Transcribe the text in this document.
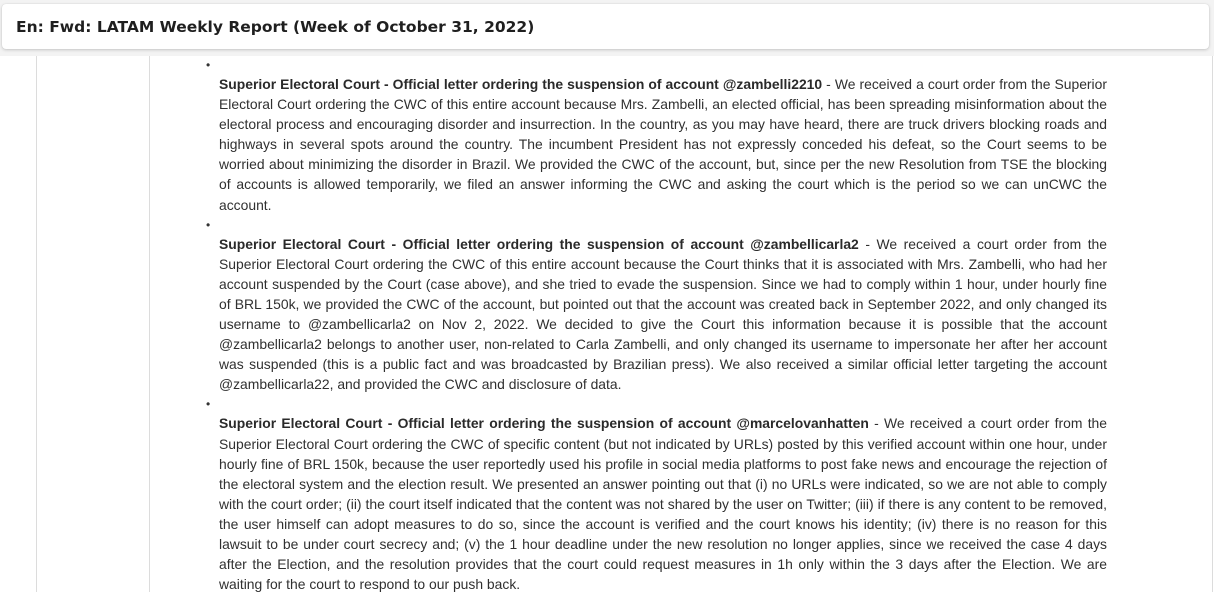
En: Fwd: LATAM Weekly Report (Week of October 31, 2022)
•

Superior Electoral Court - Official letter ordering the suspension of account @zambelli2210 - We received a court order from the Superior Electoral Court ordering the CWC of this entire account because Mrs. Zambelli, an elected official, has been spreading misinformation about the electoral process and encouraging disorder and insurrection. In the country, as you may have heard, there are truck drivers blocking roads and highways in several spots around the country. The incumbent President has not expressly conceded his defeat, so the Court seems to be worried about minimizing the disorder in Brazil. We provided the CWC of the account, but, since per the new Resolution from TSE the blocking of accounts is allowed temporarily, we filed an answer informing the CWC and asking the court which is the period so we can unCWC the account.

•

Superior Electoral Court - Official letter ordering the suspension of account @zambellicarla2 - We received a court order from the Superior Electoral Court ordering the CWC of this entire account because the Court thinks that it is associated with Mrs. Zambelli, who had her account suspended by the Court (case above), and she tried to evade the suspension. Since we had to comply within 1 hour, under hourly fine of BRL 150k, we provided the CWC of the account, but pointed out that the account was created back in September 2022, and only changed its username to @zambellicarla2 on Nov 2, 2022. We decided to give the Court this information because it is possible that the account @zambellicarla2 belongs to another user, non-related to Carla Zambelli, and only changed its username to impersonate her after her account was suspended (this is a public fact and was broadcasted by Brazilian press). We also received a similar official letter targeting the account @zambellicarla22, and provided the CWC and disclosure of data.

•

Superior Electoral Court - Official letter ordering the suspension of account @marcelovanhatten - We received a court order from the Superior Electoral Court ordering the CWC of specific content (but not indicated by URLs) posted by this verified account within one hour, under hourly fine of BRL 150k, because the user reportedly used his profile in social media platforms to post fake news and encourage the rejection of the electoral system and the election result. We presented an answer pointing out that (i) no URLs were indicated, so we are not able to comply with the court order; (ii) the court itself indicated that the content was not shared by the user on Twitter; (iii) if there is any content to be removed, the user himself can adopt measures to do so, since the account is verified and the court knows his identity; (iv) there is no reason for this lawsuit to be under court secrecy and; (v) the 1 hour deadline under the new resolution no longer applies, since we received the case 4 days after the Election, and the resolution provides that the court could request measures in 1h only within the 3 days after the Election. We are waiting for the court to respond to our push back.
